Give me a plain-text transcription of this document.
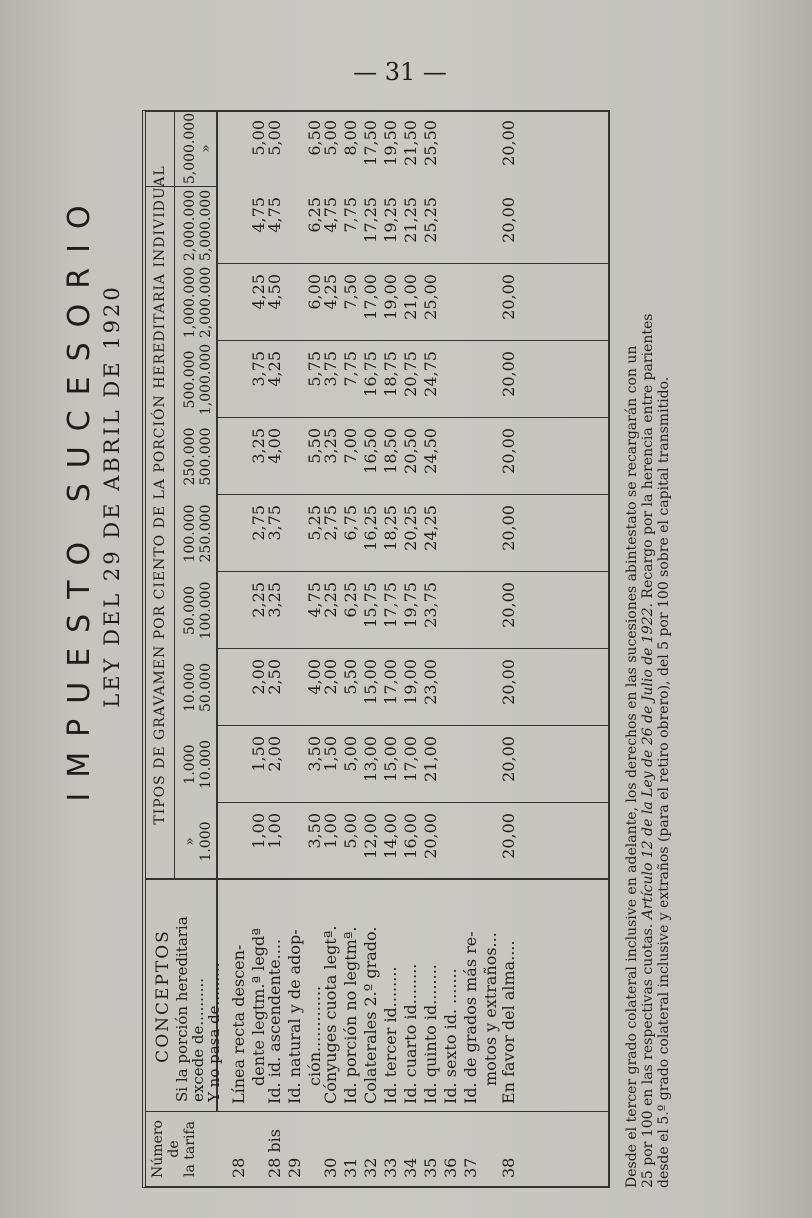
— 31 —
IMPUESTO SUCESORIO LEY DEL 29 DE ABRIL DE 1920
Número de la tarifa
CONCEPTOS Si la porción hereditaria
excede de..........
Y no pasa de.........
TIPOS DE GRAVAMEN POR CIENTO DE LA PORCIÓN HEREDITARIA INDIVIDUAL
» 1.000
1.000 10.000
10.000 50.000
50.000 100.000
100.000 250.000
250.000 500.000
500.000 1,000.000
1,000.000 2,000.000
2,000.000 5,000.000
5,000.000 »
28
Línea recta descen- dente legtm.ª legdª
1,00
1,50
2,00
2,25
2,75
3,25
3,75
4,25
4,75
5,00
28 bis
Id. id. ascendente....
1,00
2,00
2,50
3,25
3,75
4,00
4,25
4,50
4,75
5,00
29
Id. natural y de adop- ción.............
3,50
3,50
4,00
4,75
5,25
5,50
5,75
6,00
6,25
6,50
30
Cónyuges cuota legtª.
1,00
1,50
2,00
2,25
2,75
3,25
3,75
4,25
4,75
5,00
31
Id. porción no legtmª.
5,00
5,00
5,50
6,25
6,75
7,00
7,75
7,50
7,75
8,00
32
Colaterales 2.º grado.
12,00
13,00
15,00
15,75
16,25
16,50
16,75
17,00
17,25
17,50
33
Id. tercer id........
14,00
15,00
17,00
17,75
18,25
18,50
18,75
19,00
19,25
19,50
34
Id. cuarto id........
16,00
17,00
19,00
19,75
20,25
20,50
20,75
21,00
21,25
21,50
35
Id. quinto id........
20,00
21,00
23,00
23,75
24,25
24,50
24,75
25,00
25,25
25,50
36
Id. sexto id. .......
37
Id. de grados más re- motos y extraños...
38
En favor del alma....
20,00
20,00
20,00
20,00
20,00
20,00
20,00
20,00
20,00
20,00
Desde el tercer grado colateral inclusive en adelante, los derechos en las sucesiones abintestato se recargarán con un 25 por 100 en las respectivas cuotas. Artículo 12 de la Ley de 26 de Julio de 1922. Recargo por la herencia entre parientes desde el 5.º grado colateral inclusive y extraños (para el retiro obrero), del 5 por 100 sobre el capital transmitido.
